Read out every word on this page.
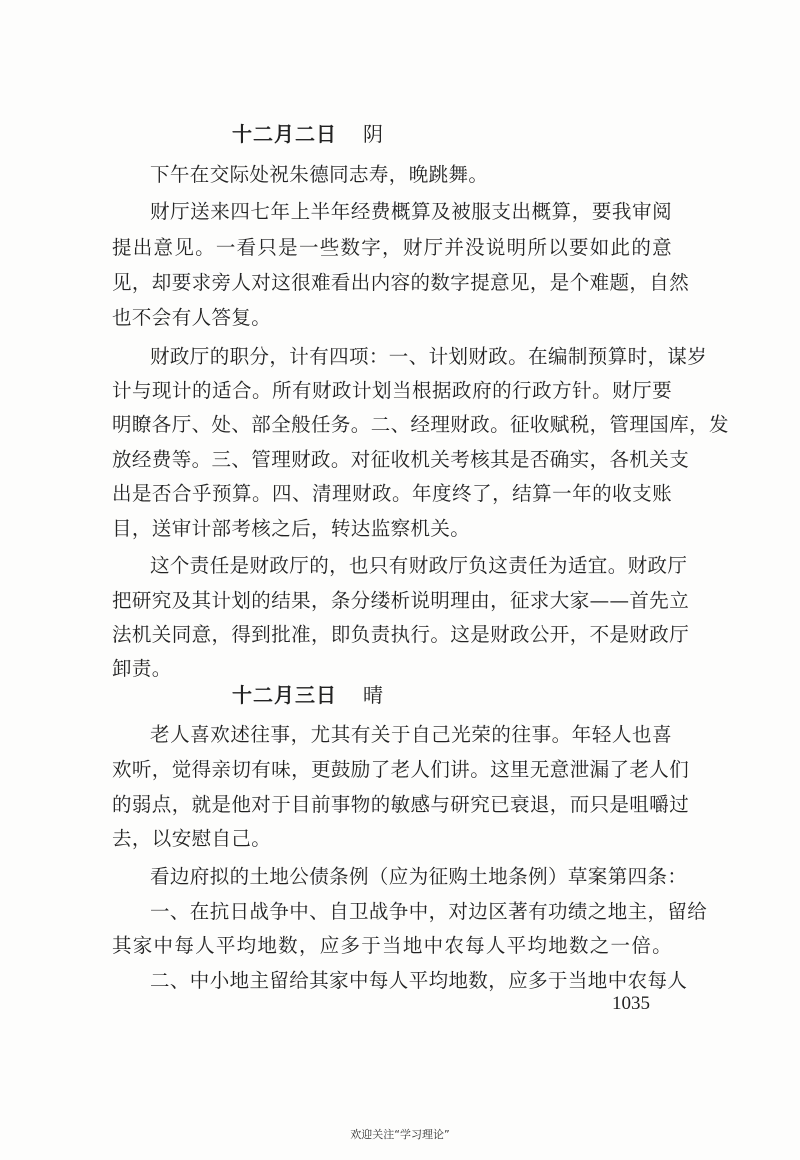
十二月二日 阴
下午在交际处祝朱德同志寿，晚跳舞。
财厅送来四七年上半年经费概算及被服支出概算，要我审阅
提出意见。一看只是一些数字，财厅并没说明所以要如此的意
见，却要求旁人对这很难看出内容的数字提意见，是个难题，自然
也不会有人答复。
财政厅的职分，计有四项：一、计划财政。在编制预算时，谋岁
计与现计的适合。所有财政计划当根据政府的行政方针。财厅要
明瞭各厅、处、部全般任务。二、经理财政。征收赋税，管理国库，发
放经费等。三、管理财政。对征收机关考核其是否确实，各机关支
出是否合乎预算。四、清理财政。年度终了，结算一年的收支账
目，送审计部考核之后，转达监察机关。
这个责任是财政厅的，也只有财政厅负这责任为适宜。财政厅
把研究及其计划的结果，条分缕析说明理由，征求大家——首先立
法机关同意，得到批准，即负责执行。这是财政公开，不是财政厅
卸责。
十二月三日 晴
老人喜欢述往事，尤其有关于自己光荣的往事。年轻人也喜
欢听，觉得亲切有味，更鼓励了老人们讲。这里无意泄漏了老人们
的弱点，就是他对于目前事物的敏感与研究已衰退，而只是咀嚼过
去，以安慰自己。
看边府拟的土地公债条例（应为征购土地条例）草案第四条：
一、在抗日战争中、自卫战争中，对边区著有功绩之地主，留给
其家中每人平均地数，应多于当地中农每人平均地数之一倍。
二、中小地主留给其家中每人平均地数，应多于当地中农每人
1035
欢迎关注“学习理论”
